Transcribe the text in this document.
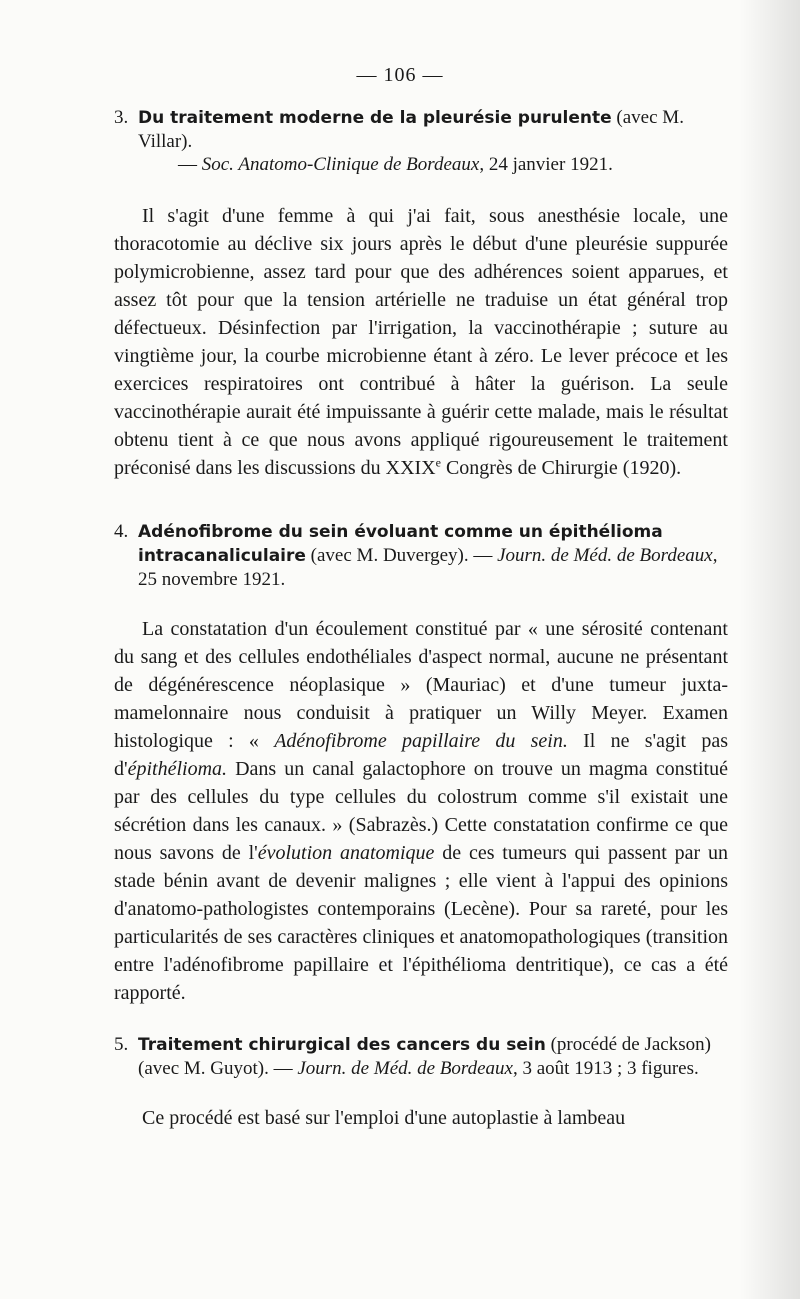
— 106 —
3. Du traitement moderne de la pleurésie purulente (avec M. Villar).
— Soc. Anatomo-Clinique de Bordeaux, 24 janvier 1921.

Il s'agit d'une femme à qui j'ai fait, sous anesthésie locale, une thoracotomie au déclive six jours après le début d'une pleurésie suppurée polymicrobienne, assez tard pour que des adhérences soient apparues, et assez tôt pour que la tension artérielle ne traduise un état général trop défectueux. Désinfection par l'irrigation, la vaccinothérapie ; suture au vingtième jour, la courbe microbienne étant à zéro. Le lever précoce et les exercices respiratoires ont contribué à hâter la guérison. La seule vaccinothérapie aurait été impuissante à guérir cette malade, mais le résultat obtenu tient à ce que nous avons appliqué rigoureusement le traitement préconisé dans les discussions du XXIXe Congrès de Chirurgie (1920).

4. Adénofibrome du sein évoluant comme un épithélioma intracanaliculaire (avec M. Duvergey). — Journ. de Méd. de Bordeaux, 25 novembre 1921.

La constatation d'un écoulement constitué par « une sérosité contenant du sang et des cellules endothéliales d'aspect normal, aucune ne présentant de dégénérescence néoplasique » (Mauriac) et d'une tumeur juxta-mamelonnaire nous conduisit à pratiquer un Willy Meyer. Examen histologique : « Adénofibrome papillaire du sein. Il ne s'agit pas d'épithélioma. Dans un canal galactophore on trouve un magma constitué par des cellules du type cellules du colostrum comme s'il existait une sécrétion dans les canaux. » (Sabrazès.) Cette constatation confirme ce que nous savons de l'évolution anatomique de ces tumeurs qui passent par un stade bénin avant de devenir malignes ; elle vient à l'appui des opinions d'anatomo-pathologistes contemporains (Lecène). Pour sa rareté, pour les particularités de ses caractères cliniques et anatomopathologiques (transition entre l'adénofibrome papillaire et l'épithélioma dentritique), ce cas a été rapporté.

5. Traitement chirurgical des cancers du sein (procédé de Jackson) (avec M. Guyot). — Journ. de Méd. de Bordeaux, 3 août 1913 ; 3 figures.

Ce procédé est basé sur l'emploi d'une autoplastie à lambeau
